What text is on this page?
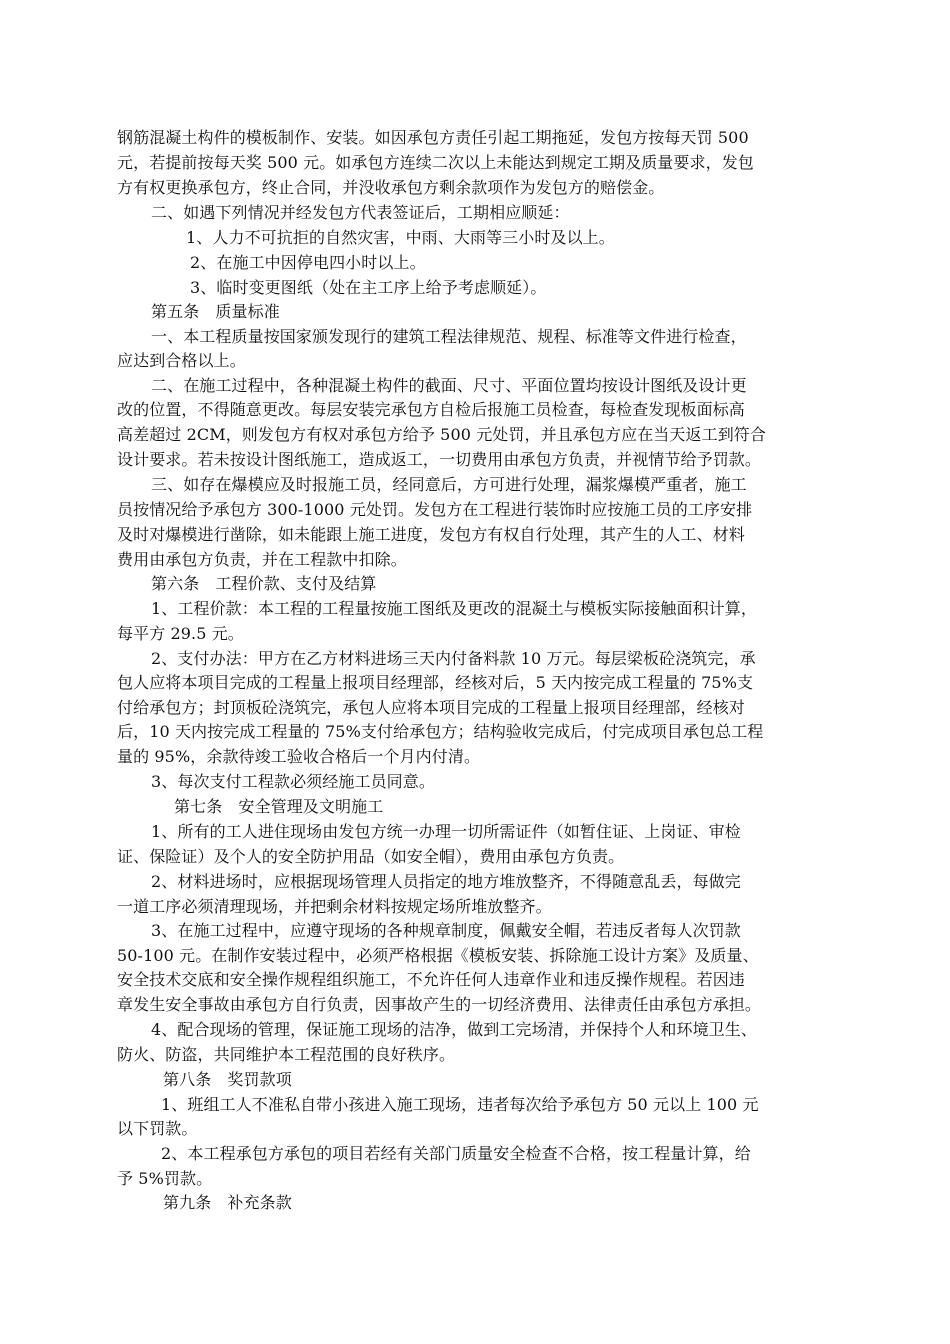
钢筋混凝土构件的模板制作、安装。如因承包方责任引起工期拖延，发包方按每天罚 500
元，若提前按每天奖 500 元。如承包方连续二次以上未能达到规定工期及质量要求，发包
方有权更换承包方，终止合同，并没收承包方剩余款项作为发包方的赔偿金。
二、如遇下列情况并经发包方代表签证后，工期相应顺延：
1、人力不可抗拒的自然灾害，中雨、大雨等三小时及以上。
2、在施工中因停电四小时以上。
3、临时变更图纸（处在主工序上给予考虑顺延）。
第五条　质量标准
一、本工程质量按国家颁发现行的建筑工程法律规范、规程、标准等文件进行检查，
应达到合格以上。
二、在施工过程中，各种混凝土构件的截面、尺寸、平面位置均按设计图纸及设计更
改的位置，不得随意更改。每层安装完承包方自检后报施工员检查，每检查发现板面标高
高差超过 2CM，则发包方有权对承包方给予 500 元处罚，并且承包方应在当天返工到符合
设计要求。若未按设计图纸施工，造成返工，一切费用由承包方负责，并视情节给予罚款。
三、如存在爆模应及时报施工员，经同意后，方可进行处理，漏浆爆模严重者，施工
员按情况给予承包方 300-1000 元处罚。发包方在工程进行装饰时应按施工员的工序安排
及时对爆模进行凿除，如未能跟上施工进度，发包方有权自行处理，其产生的人工、材料
费用由承包方负责，并在工程款中扣除。
第六条　工程价款、支付及结算
1、工程价款：本工程的工程量按施工图纸及更改的混凝土与模板实际接触面积计算，
每平方 29.5 元。
2、支付办法：甲方在乙方材料进场三天内付备料款 10 万元。每层梁板砼浇筑完，承
包人应将本项目完成的工程量上报项目经理部，经核对后，5 天内按完成工程量的 75%支
付给承包方；封顶板砼浇筑完，承包人应将本项目完成的工程量上报项目经理部，经核对
后，10 天内按完成工程量的 75%支付给承包方；结构验收完成后，付完成项目承包总工程
量的 95%，余款待竣工验收合格后一个月内付清。
3、每次支付工程款必须经施工员同意。
第七条　安全管理及文明施工
1、所有的工人进住现场由发包方统一办理一切所需证件（如暂住证、上岗证、审检
证、保险证）及个人的安全防护用品（如安全帽），费用由承包方负责。
2、材料进场时，应根据现场管理人员指定的地方堆放整齐，不得随意乱丢，每做完
一道工序必须清理现场，并把剩余材料按规定场所堆放整齐。
3、在施工过程中，应遵守现场的各种规章制度，佩戴安全帽，若违反者每人次罚款
50-100 元。在制作安装过程中，必须严格根据《模板安装、拆除施工设计方案》及质量、
安全技术交底和安全操作规程组织施工，不允许任何人违章作业和违反操作规程。若因违
章发生安全事故由承包方自行负责，因事故产生的一切经济费用、法律责任由承包方承担。
4、配合现场的管理，保证施工现场的洁净，做到工完场清，并保持个人和环境卫生、
防火、防盗，共同维护本工程范围的良好秩序。
第八条　奖罚款项
1、班组工人不准私自带小孩进入施工现场，违者每次给予承包方 50 元以上 100 元
以下罚款。
2、本工程承包方承包的项目若经有关部门质量安全检查不合格，按工程量计算，给
予 5%罚款。
第九条　补充条款
